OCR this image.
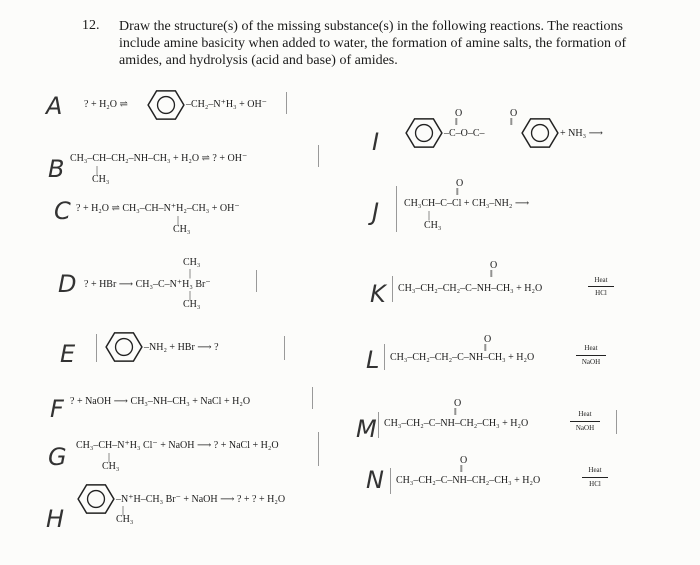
12. Draw the structure(s) of the missing substance(s) in the following reactions. The reactions include amine basicity when added to water, the formation of amine salts, the formation of amides, and hydrolysis (acid and base) of amides.
A ? + H₂O ⇌	–CH₂–N⁺H₃ + OH⁻
B CH₃–CH–CH₂–NH–CH₃ + H₂O ⇌ ? + OH⁻
|
CH₃
C ? + H₂O ⇌ CH₃–CH–N⁺H₂–CH₃ + OH⁻
|
CH₃
CH₃
|
D ? + HBr ⟶ CH₃–C–N⁺H₃ Br⁻
|
CH₃
E	–NH₂ + HBr ⟶ ?
F ? + NaOH ⟶ CH₃–NH–CH₃ + NaCl + H₂O
G CH₃–CH–N⁺H₃ Cl⁻ + NaOH ⟶ ? + NaCl + H₂O
|
CH₃
H
–N⁺H–CH₃ Br⁻ + NaOH ⟶ ? + ? + H₂O
|
CH₃
O	O
‖	‖
I	–C–O–C–	+ NH₃ ⟶
O
‖
J CH₃CH–C–Cl + CH₃–NH₂ ⟶
|
CH₃
O
‖
K CH₃–CH₂–CH₂–C–NH–CH₃ + H₂O
Heat
HCl
O
‖
L CH₃–CH₂–CH₂–C–NH–CH₃ + H₂O
Heat
NaOH
O
‖
M CH₃–CH₂–C–NH–CH₂–CH₃ + H₂O
Heat
NaOH
O
‖
N CH₃–CH₂–C–NH–CH₂–CH₃ + H₂O
Heat
HCl
